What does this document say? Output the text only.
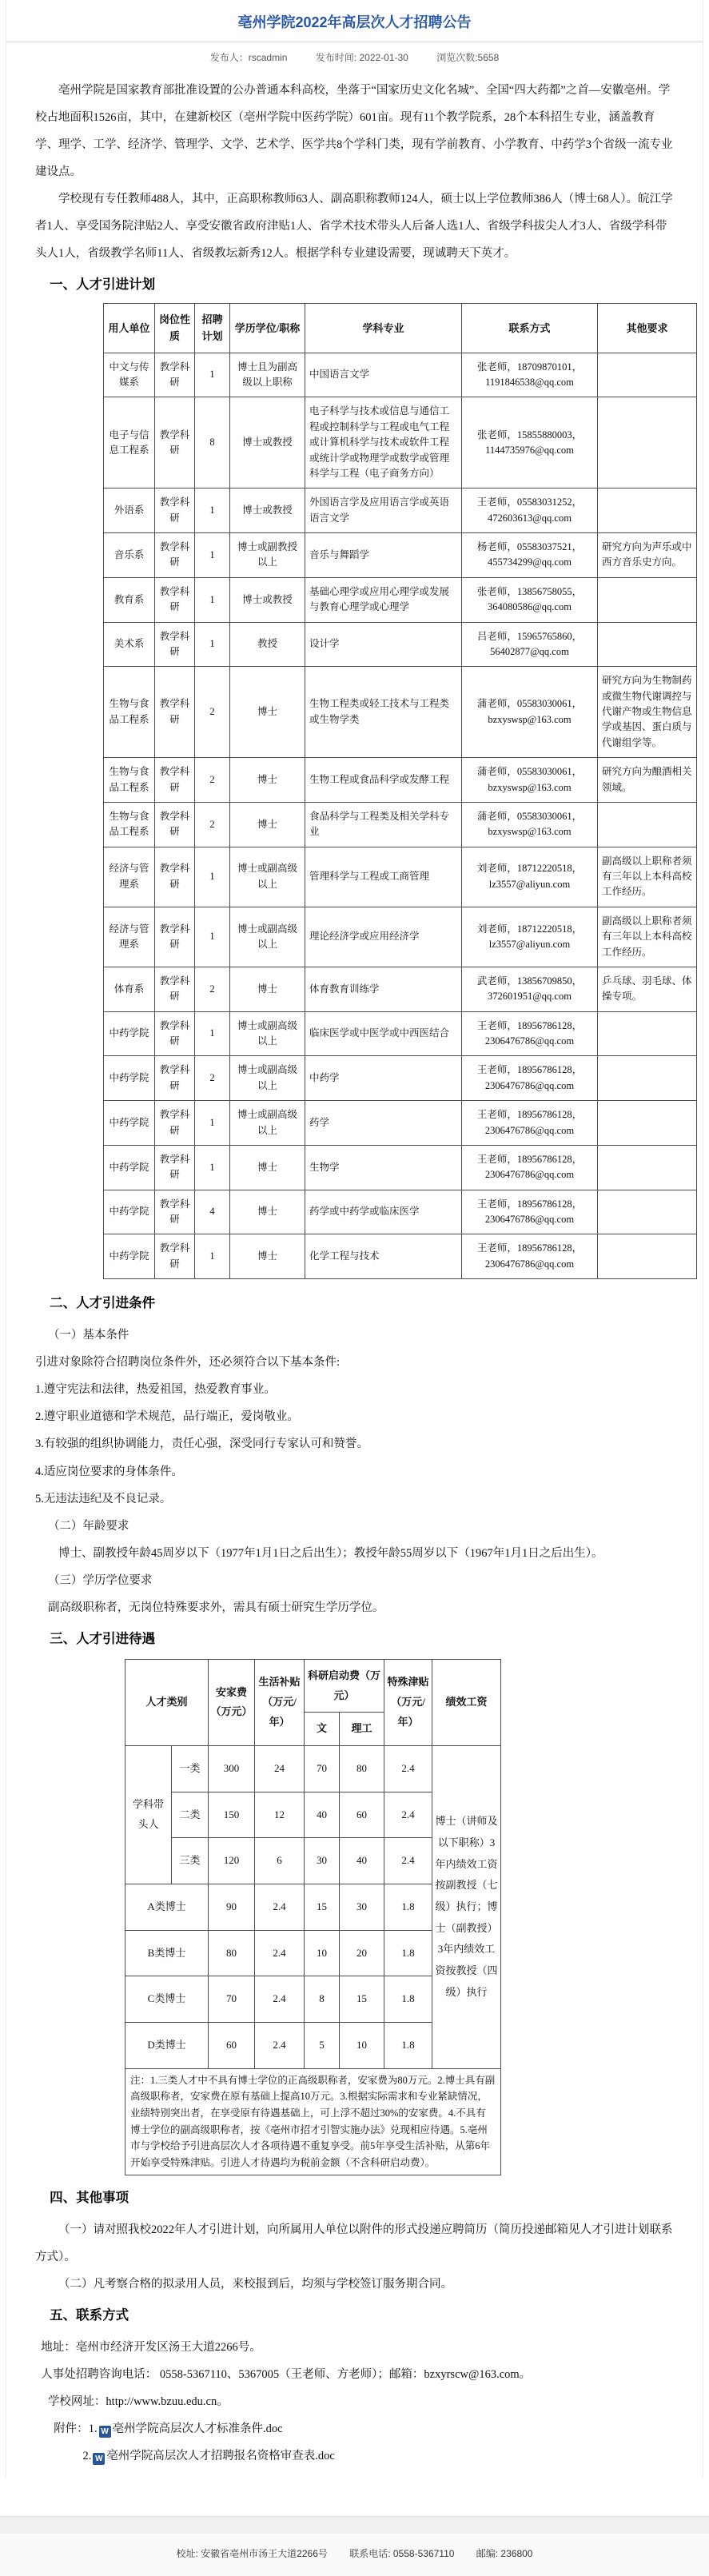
亳州学院2022年高层次人才招聘公告
发布人：rscadmin	发布时间: 2022-01-30	浏览次数:5658

亳州学院是国家教育部批准设置的公办普通本科高校，坐落于“国家历史文化名城”、全国“四大药都”之首—安徽亳州。学校占地面积1526亩，其中，在建新校区（亳州学院中医药学院）601亩。现有11个教学院系，28个本科招生专业，涵盖教育学、理学、工学、经济学、管理学、文学、艺术学、医学共8个学科门类，现有学前教育、小学教育、中药学3个省级一流专业建设点。

学校现有专任教师488人，其中，正高职称教师63人、副高职称教师124人，硕士以上学位教师386人（博士68人）。皖江学者1人、享受国务院津贴2人、享受安徽省政府津贴1人、省学术技术带头人后备人选1人、省级学科拔尖人才3人、省级学科带头人1人，省级教学名师11人、省级教坛新秀12人。根据学科专业建设需要，现诚聘天下英才。

一、人才引进计划
用人单位	岗位性质	招聘计划	学历学位/职称	学科专业	联系方式	其他要求
中文与传媒系	教学科研	1	博士且为副高级以上职称	中国语言文学	张老师，18709870101，1191846538@qq.com	
电子与信息工程系	教学科研	8	博士或教授	电子科学与技术或信息与通信工程或控制科学与工程或电气工程或计算机科学与技术或软件工程或统计学或物理学或数学或管理科学与工程（电子商务方向）	张老师，15855880003，1144735976@qq.com	
外语系	教学科研	1	博士或教授	外国语言学及应用语言学或英语语言文学	王老师，05583031252，472603613@qq.com	
音乐系	教学科研	1	博士或副教授以上	音乐与舞蹈学	杨老师，05583037521，455734299@qq.com	研究方向为声乐或中西方音乐史方向。
教育系	教学科研	1	博士或教授	基础心理学或应用心理学或发展与教育心理学或心理学	张老师，13856758055，364080586@qq.com	
美术系	教学科研	1	教授	设计学	吕老师，15965765860，56402877@qq.com	
生物与食品工程系	教学科研	2	博士	生物工程类或轻工技术与工程类或生物学类	蒲老师，05583030061，bzxyswsp@163.com	研究方向为生物制药或微生物代谢调控与代谢产物或生物信息学或基因、蛋白质与代谢组学等。
生物与食品工程系	教学科研	2	博士	生物工程或食品科学或发酵工程	蒲老师，05583030061，bzxyswsp@163.com	研究方向为酿酒相关领域。
生物与食品工程系	教学科研	2	博士	食品科学与工程类及相关学科专业	蒲老师，05583030061，bzxyswsp@163.com	
经济与管理系	教学科研	1	博士或副高级以上	管理科学与工程或工商管理	刘老师，18712220518，lz3557@aliyun.com	副高级以上职称者须有三年以上本科高校工作经历。
经济与管理系	教学科研	1	博士或副高级以上	理论经济学或应用经济学	刘老师，18712220518，lz3557@aliyun.com	副高级以上职称者须有三年以上本科高校工作经历。
体育系	教学科研	2	博士	体育教育训练学	武老师，13856709850，372601951@qq.com	乒乓球、羽毛球、体操专项。
中药学院	教学科研	1	博士或副高级以上	临床医学或中医学或中西医结合	王老师，18956786128，2306476786@qq.com	
中药学院	教学科研	2	博士或副高级以上	中药学	王老师，18956786128，2306476786@qq.com	
中药学院	教学科研	1	博士或副高级以上	药学	王老师，18956786128，2306476786@qq.com	
中药学院	教学科研	1	博士	生物学	王老师，18956786128，2306476786@qq.com	
中药学院	教学科研	4	博士	药学或中药学或临床医学	王老师，18956786128，2306476786@qq.com	
中药学院	教学科研	1	博士	化学工程与技术	王老师，18956786128，2306476786@qq.com	
二、人才引进条件

（一）基本条件

引进对象除符合招聘岗位条件外，还必须符合以下基本条件:

1.遵守宪法和法律，热爱祖国，热爱教育事业。

2.遵守职业道德和学术规范，品行端正，爱岗敬业。

3.有较强的组织协调能力，责任心强，深受同行专家认可和赞誉。

4.适应岗位要求的身体条件。

5.无违法违纪及不良记录。

（二）年龄要求

博士、副教授年龄45周岁以下（1977年1月1日之后出生）；教授年龄55周岁以下（1967年1月1日之后出生）。

（三）学历学位要求

副高级职称者，无岗位特殊要求外，需具有硕士研究生学历学位。

三、人才引进待遇
人才类别		安家费（万元）	生活补贴（万元/年）	科研启动费（万元）		特殊津贴（万元/年）	绩效工资
				文	理工		
学科带头人	一类	300	24	70	80	2.4	博士（讲师及以下职称）3年内绩效工资按副教授（七级）执行；博士（副教授）3年内绩效工资按教授（四级）执行
	二类	150	12	40	60	2.4	
	三类	120	6	30	40	2.4	
A类博士		90	2.4	15	30	1.8	
B类博士		80	2.4	10	20	1.8	
C类博士		70	2.4	8	15	1.8	
D类博士		60	2.4	5	10	1.8	
注：1.三类人才中不具有博士学位的正高级职称者，安家费为80万元。2.博士具有副高级职称者，安家费在原有基础上提高10万元。3.根据实际需求和专业紧缺情况，业绩特别突出者，在享受原有待遇基础上，可上浮不超过30%的安家费。4.不具有博士学位的副高级职称者，按《亳州市招才引智实施办法》兑现相应待遇。5.亳州市与学校给予引进高层次人才各项待遇不重复享受。前5年享受生活补贴，从第6年开始享受特殊津贴。引进人才待遇均为税前金额（不含科研启动费）。							
四、其他事项

（一）请对照我校2022年人才引进计划，向所属用人单位以附件的形式投递应聘简历（简历投递邮箱见人才引进计划联系方式）。

（二）凡考察合格的拟录用人员，来校报到后，均须与学校签订服务期合同。

五、联系方式

地址：亳州市经济开发区汤王大道2266号。

人事处招聘咨询电话： 0558-5367110、5367005（王老师、方老师）；邮箱：bzxyrscw@163.com。

学校网址：http://www.bzuu.edu.cn。

附件：1. W 亳州学院高层次人才标准条件.doc
2. W 亳州学院高层次人才招聘报名资格审查表.doc
校址: 安徽省亳州市汤王大道2266号 联系电话: 0558-5367110 邮编: 236800
